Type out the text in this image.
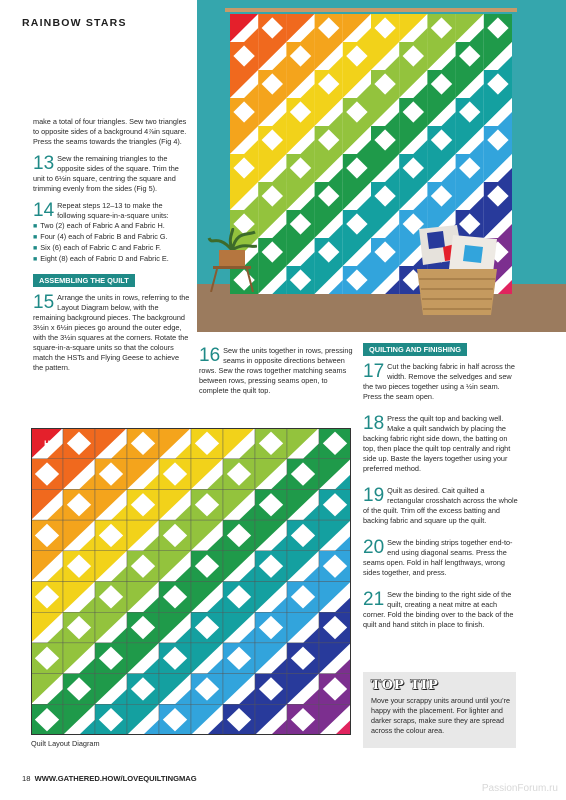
RAINBOW STARS

make a total of four triangles. Sew two triangles to opposite sides of a background 4⅞in square. Press the seams towards the triangles (Fig 4).

13 Sew the remaining triangles to the opposite sides of the square. Trim the unit to 6½in square, centring the square and trimming evenly from the sides (Fig 5).
14 Repeat steps 12–13 to make the following square-in-a-square units:
■ Two (2) each of Fabric A and Fabric H.
■ Four (4) each of Fabric B and Fabric G.
■ Six (6) each of Fabric C and Fabric F.
■ Eight (8) each of Fabric D and Fabric E.
ASSEMBLING THE QUILT
15 Arrange the units in rows, referring to the Layout Diagram below, with the remaining background pieces. The background 3½in x 6½in pieces go around the outer edge, with the 3½in squares at the corners. Rotate the square-in-a-square units so that the colours match the HSTs and Flying Geese to achieve the pattern.
16 Sew the units together in rows, pressing seams in opposite directions between rows. Sew the rows together matching seams between rows, pressing seams open, to complete the quilt top.
QUILTING AND FINISHING
17 Cut the backing fabric in half across the width. Remove the selvedges and sew the two pieces together using a ½in seam. Press the seam open.
18 Press the quilt top and backing well. Make a quilt sandwich by placing the backing fabric right side down, the batting on top, then place the quilt top centrally and right side up. Baste the layers together using your preferred method.
19 Quilt as desired. Cait quilted a rectangular crosshatch across the whole of the quilt. Trim off the excess batting and backing fabric and square up the quilt.
20 Sew the binding strips together end-to-end using diagonal seams. Press the seams open. Fold in half lengthways, wrong sides together, and press.
21 Sew the binding to the right side of the quilt, creating a neat mitre at each corner. Fold the binding over to the back of the quilt and hand stitch in place to finish.
H	A	B	C	D	E
F
G
H
A
Quilt Layout Diagram
TOP TIP
Move your scrappy units around until you’re happy with the placement. For lighter and darker scraps, make sure they are spread across the colour area.
18 WWW.GATHERED.HOW/LOVEQUILTINGMAG
PassionForum.ru
